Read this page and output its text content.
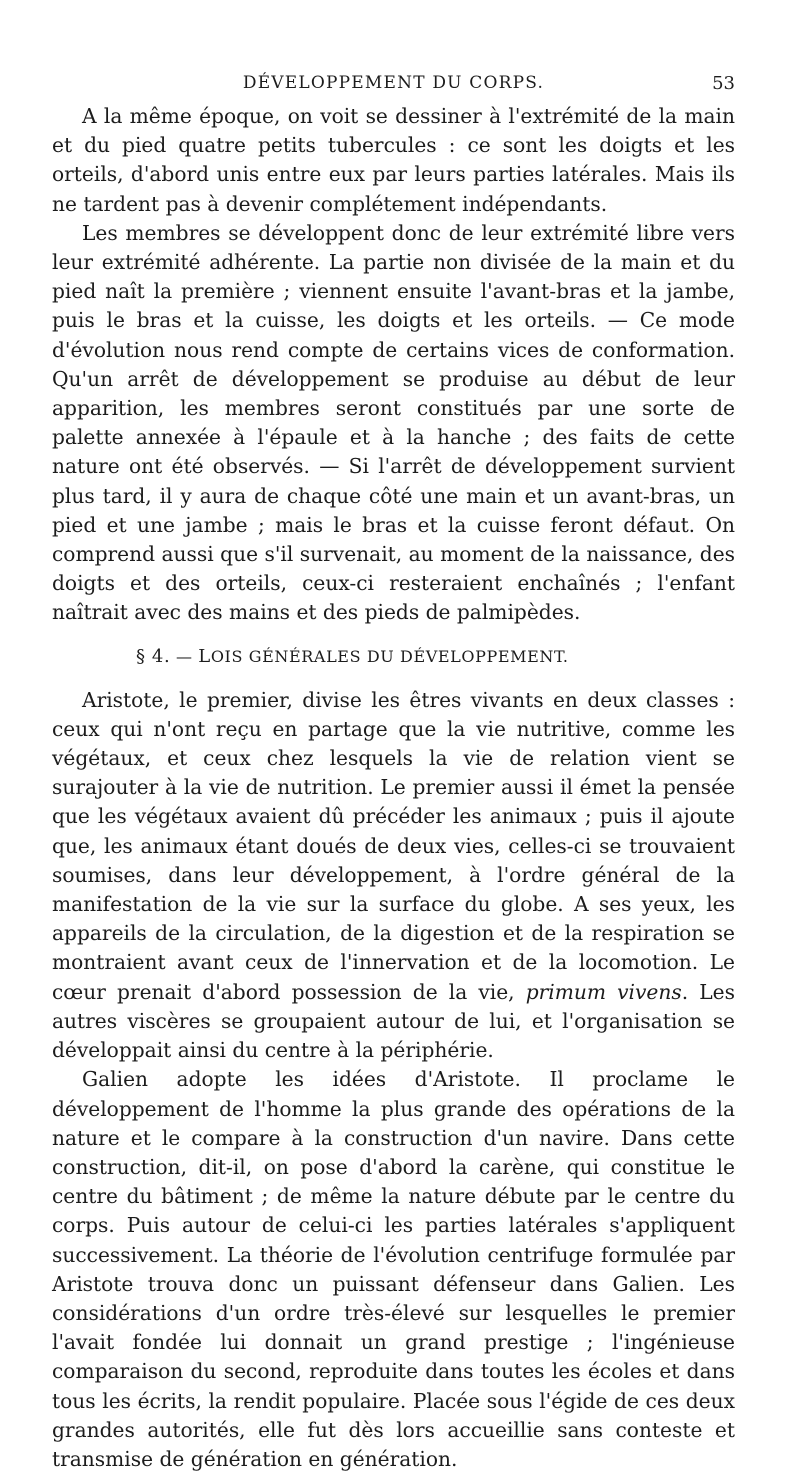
DÉVELOPPEMENT DU CORPS.	53

A la même époque, on voit se dessiner à l'extrémité de la main et du pied quatre petits tubercules : ce sont les doigts et les orteils, d'abord unis entre eux par leurs parties latérales. Mais ils ne tardent pas à devenir complétement indépendants.

Les membres se développent donc de leur extrémité libre vers leur extrémité adhérente. La partie non divisée de la main et du pied naît la première ; viennent ensuite l'avant-bras et la jambe, puis le bras et la cuisse, les doigts et les orteils. — Ce mode d'évolution nous rend compte de certains vices de conformation. Qu'un arrêt de développement se produise au début de leur apparition, les membres seront constitués par une sorte de palette annexée à l'épaule et à la hanche ; des faits de cette nature ont été observés. — Si l'arrêt de développement survient plus tard, il y aura de chaque côté une main et un avant-bras, un pied et une jambe ; mais le bras et la cuisse feront défaut. On comprend aussi que s'il survenait, au moment de la naissance, des doigts et des orteils, ceux-ci resteraient enchaînés ; l'enfant naîtrait avec des mains et des pieds de palmipèdes.

§ 4. — LOIS GÉNÉRALES DU DÉVELOPPEMENT.

Aristote, le premier, divise les êtres vivants en deux classes : ceux qui n'ont reçu en partage que la vie nutritive, comme les végétaux, et ceux chez lesquels la vie de relation vient se surajouter à la vie de nutrition. Le premier aussi il émet la pensée que les végétaux avaient dû précéder les animaux ; puis il ajoute que, les animaux étant doués de deux vies, celles-ci se trouvaient soumises, dans leur développement, à l'ordre général de la manifestation de la vie sur la surface du globe. A ses yeux, les appareils de la circulation, de la digestion et de la respiration se montraient avant ceux de l'innervation et de la locomotion. Le cœur prenait d'abord possession de la vie, primum vivens. Les autres viscères se groupaient autour de lui, et l'organisation se développait ainsi du centre à la périphérie.

Galien adopte les idées d'Aristote. Il proclame le développement de l'homme la plus grande des opérations de la nature et le compare à la construction d'un navire. Dans cette construction, dit-il, on pose d'abord la carène, qui constitue le centre du bâtiment ; de même la nature débute par le centre du corps. Puis autour de celui-ci les parties latérales s'appliquent successivement. La théorie de l'évolution centrifuge formulée par Aristote trouva donc un puissant défenseur dans Galien. Les considérations d'un ordre très-élevé sur lesquelles le premier l'avait fondée lui donnait un grand prestige ; l'ingénieuse comparaison du second, reproduite dans toutes les écoles et dans tous les écrits, la rendit populaire. Placée sous l'égide de ces deux grandes autorités, elle fut dès lors accueillie sans conteste et transmise de génération en génération.
